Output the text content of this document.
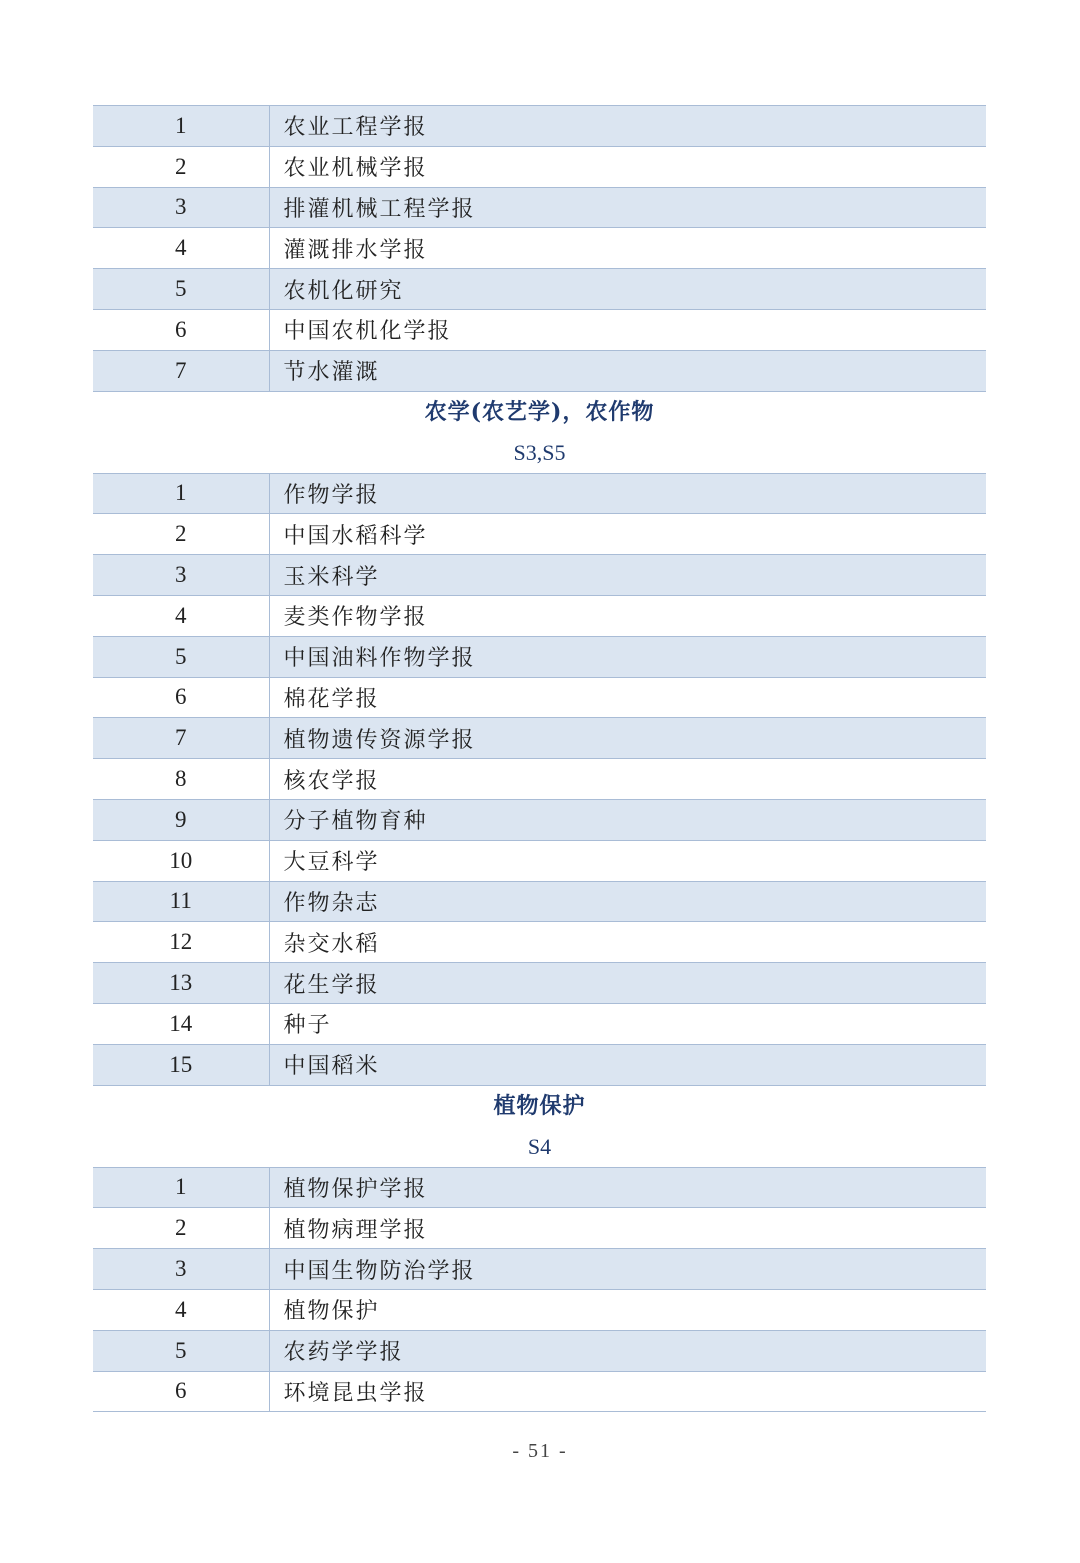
1	农业工程学报
2	农业机械学报
3	排灌机械工程学报
4	灌溉排水学报
5	农机化研究
6	中国农机化学报
7	节水灌溉
农学(农艺学)，农作物
S3,S5
1	作物学报
2	中国水稻科学
3	玉米科学
4	麦类作物学报
5	中国油料作物学报
6	棉花学报
7	植物遗传资源学报
8	核农学报
9	分子植物育种
10	大豆科学
11	作物杂志
12	杂交水稻
13	花生学报
14	种子
15	中国稻米
植物保护
S4
1	植物保护学报
2	植物病理学报
3	中国生物防治学报
4	植物保护
5	农药学学报
6	环境昆虫学报
- 51 -
